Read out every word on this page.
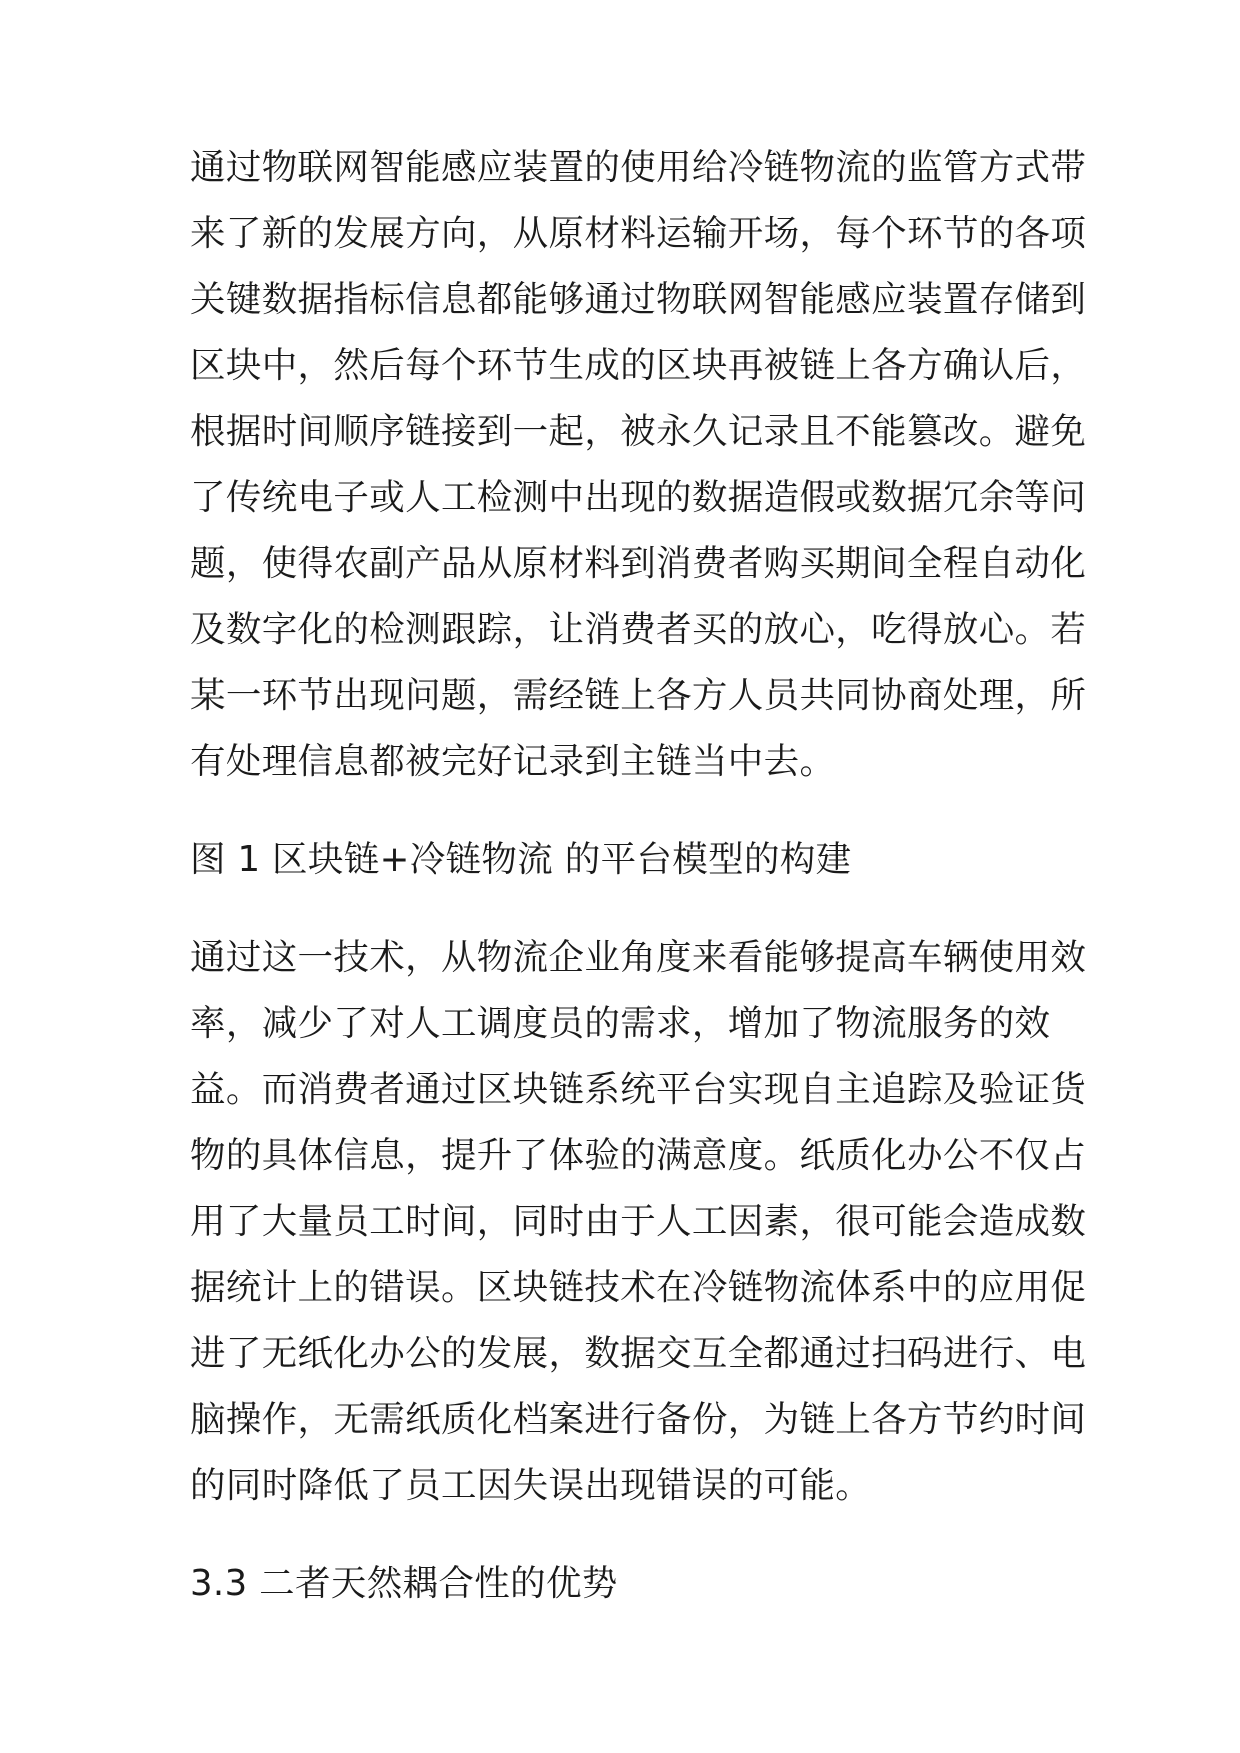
通过物联网智能感应装置的使用给冷链物流的监管方式带
来了新的发展方向，从原材料运输开场，每个环节的各项
关键数据指标信息都能够通过物联网智能感应装置存储到
区块中，然后每个环节生成的区块再被链上各方确认后，
根据时间顺序链接到一起，被永久记录且不能篡改。避免
了传统电子或人工检测中出现的数据造假或数据冗余等问
题，使得农副产品从原材料到消费者购买期间全程自动化
及数字化的检测跟踪，让消费者买的放心，吃得放心。若
某一环节出现问题，需经链上各方人员共同协商处理，所
有处理信息都被完好记录到主链当中去。
图 1 区块链+冷链物流 的平台模型的构建
通过这一技术，从物流企业角度来看能够提高车辆使用效
率，减少了对人工调度员的需求，增加了物流服务的效
益。而消费者通过区块链系统平台实现自主追踪及验证货
物的具体信息，提升了体验的满意度。纸质化办公不仅占
用了大量员工时间，同时由于人工因素，很可能会造成数
据统计上的错误。区块链技术在冷链物流体系中的应用促
进了无纸化办公的发展，数据交互全都通过扫码进行、电
脑操作，无需纸质化档案进行备份，为链上各方节约时间
的同时降低了员工因失误出现错误的可能。
3.3 二者天然耦合性的优势
